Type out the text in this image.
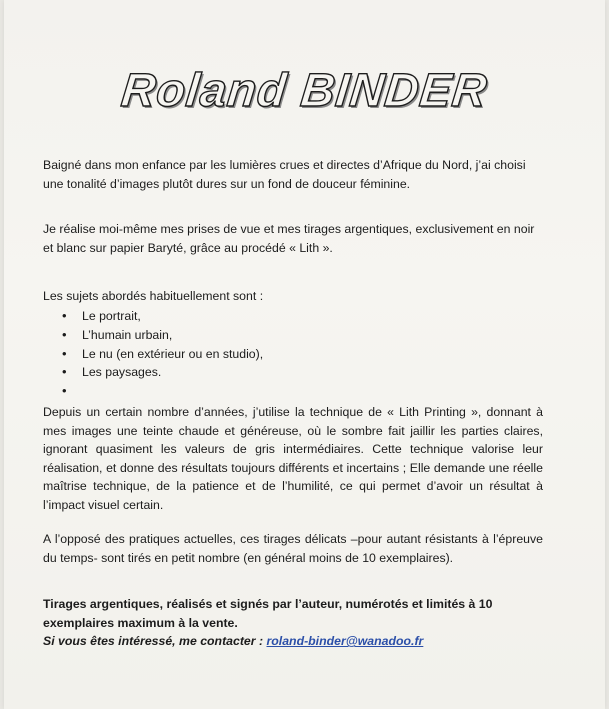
Roland BINDER
Baigné dans mon enfance par les lumières crues et directes d’Afrique du Nord, j’ai choisi une tonalité d’images plutôt dures sur un fond de douceur féminine.
Je réalise moi-même mes prises de vue et mes tirages argentiques, exclusivement en noir et blanc sur papier Baryté, grâce au procédé « Lith ».
Les sujets abordés habituellement sont :
• Le portrait,
• L’humain urbain,
• Le nu (en extérieur ou en studio),
• Les paysages.
•
Depuis un certain nombre d’années, j’utilise la technique de « Lith Printing », donnant à mes images une teinte chaude et généreuse, où le sombre fait jaillir les parties claires, ignorant quasiment les valeurs de gris intermédiaires. Cette technique valorise leur réalisation, et donne des résultats toujours différents et incertains ; Elle demande une réelle maîtrise technique, de la patience et de l’humilité, ce qui permet d’avoir un résultat à l’impact visuel certain.
A l’opposé des pratiques actuelles, ces tirages délicats –pour autant résistants à l’épreuve du temps- sont tirés en petit nombre (en général moins de 10 exemplaires).
Tirages argentiques, réalisés et signés par l’auteur, numérotés et limités à 10 exemplaires maximum à la vente.
Si vous êtes intéressé, me contacter : roland-binder@wanadoo.fr
